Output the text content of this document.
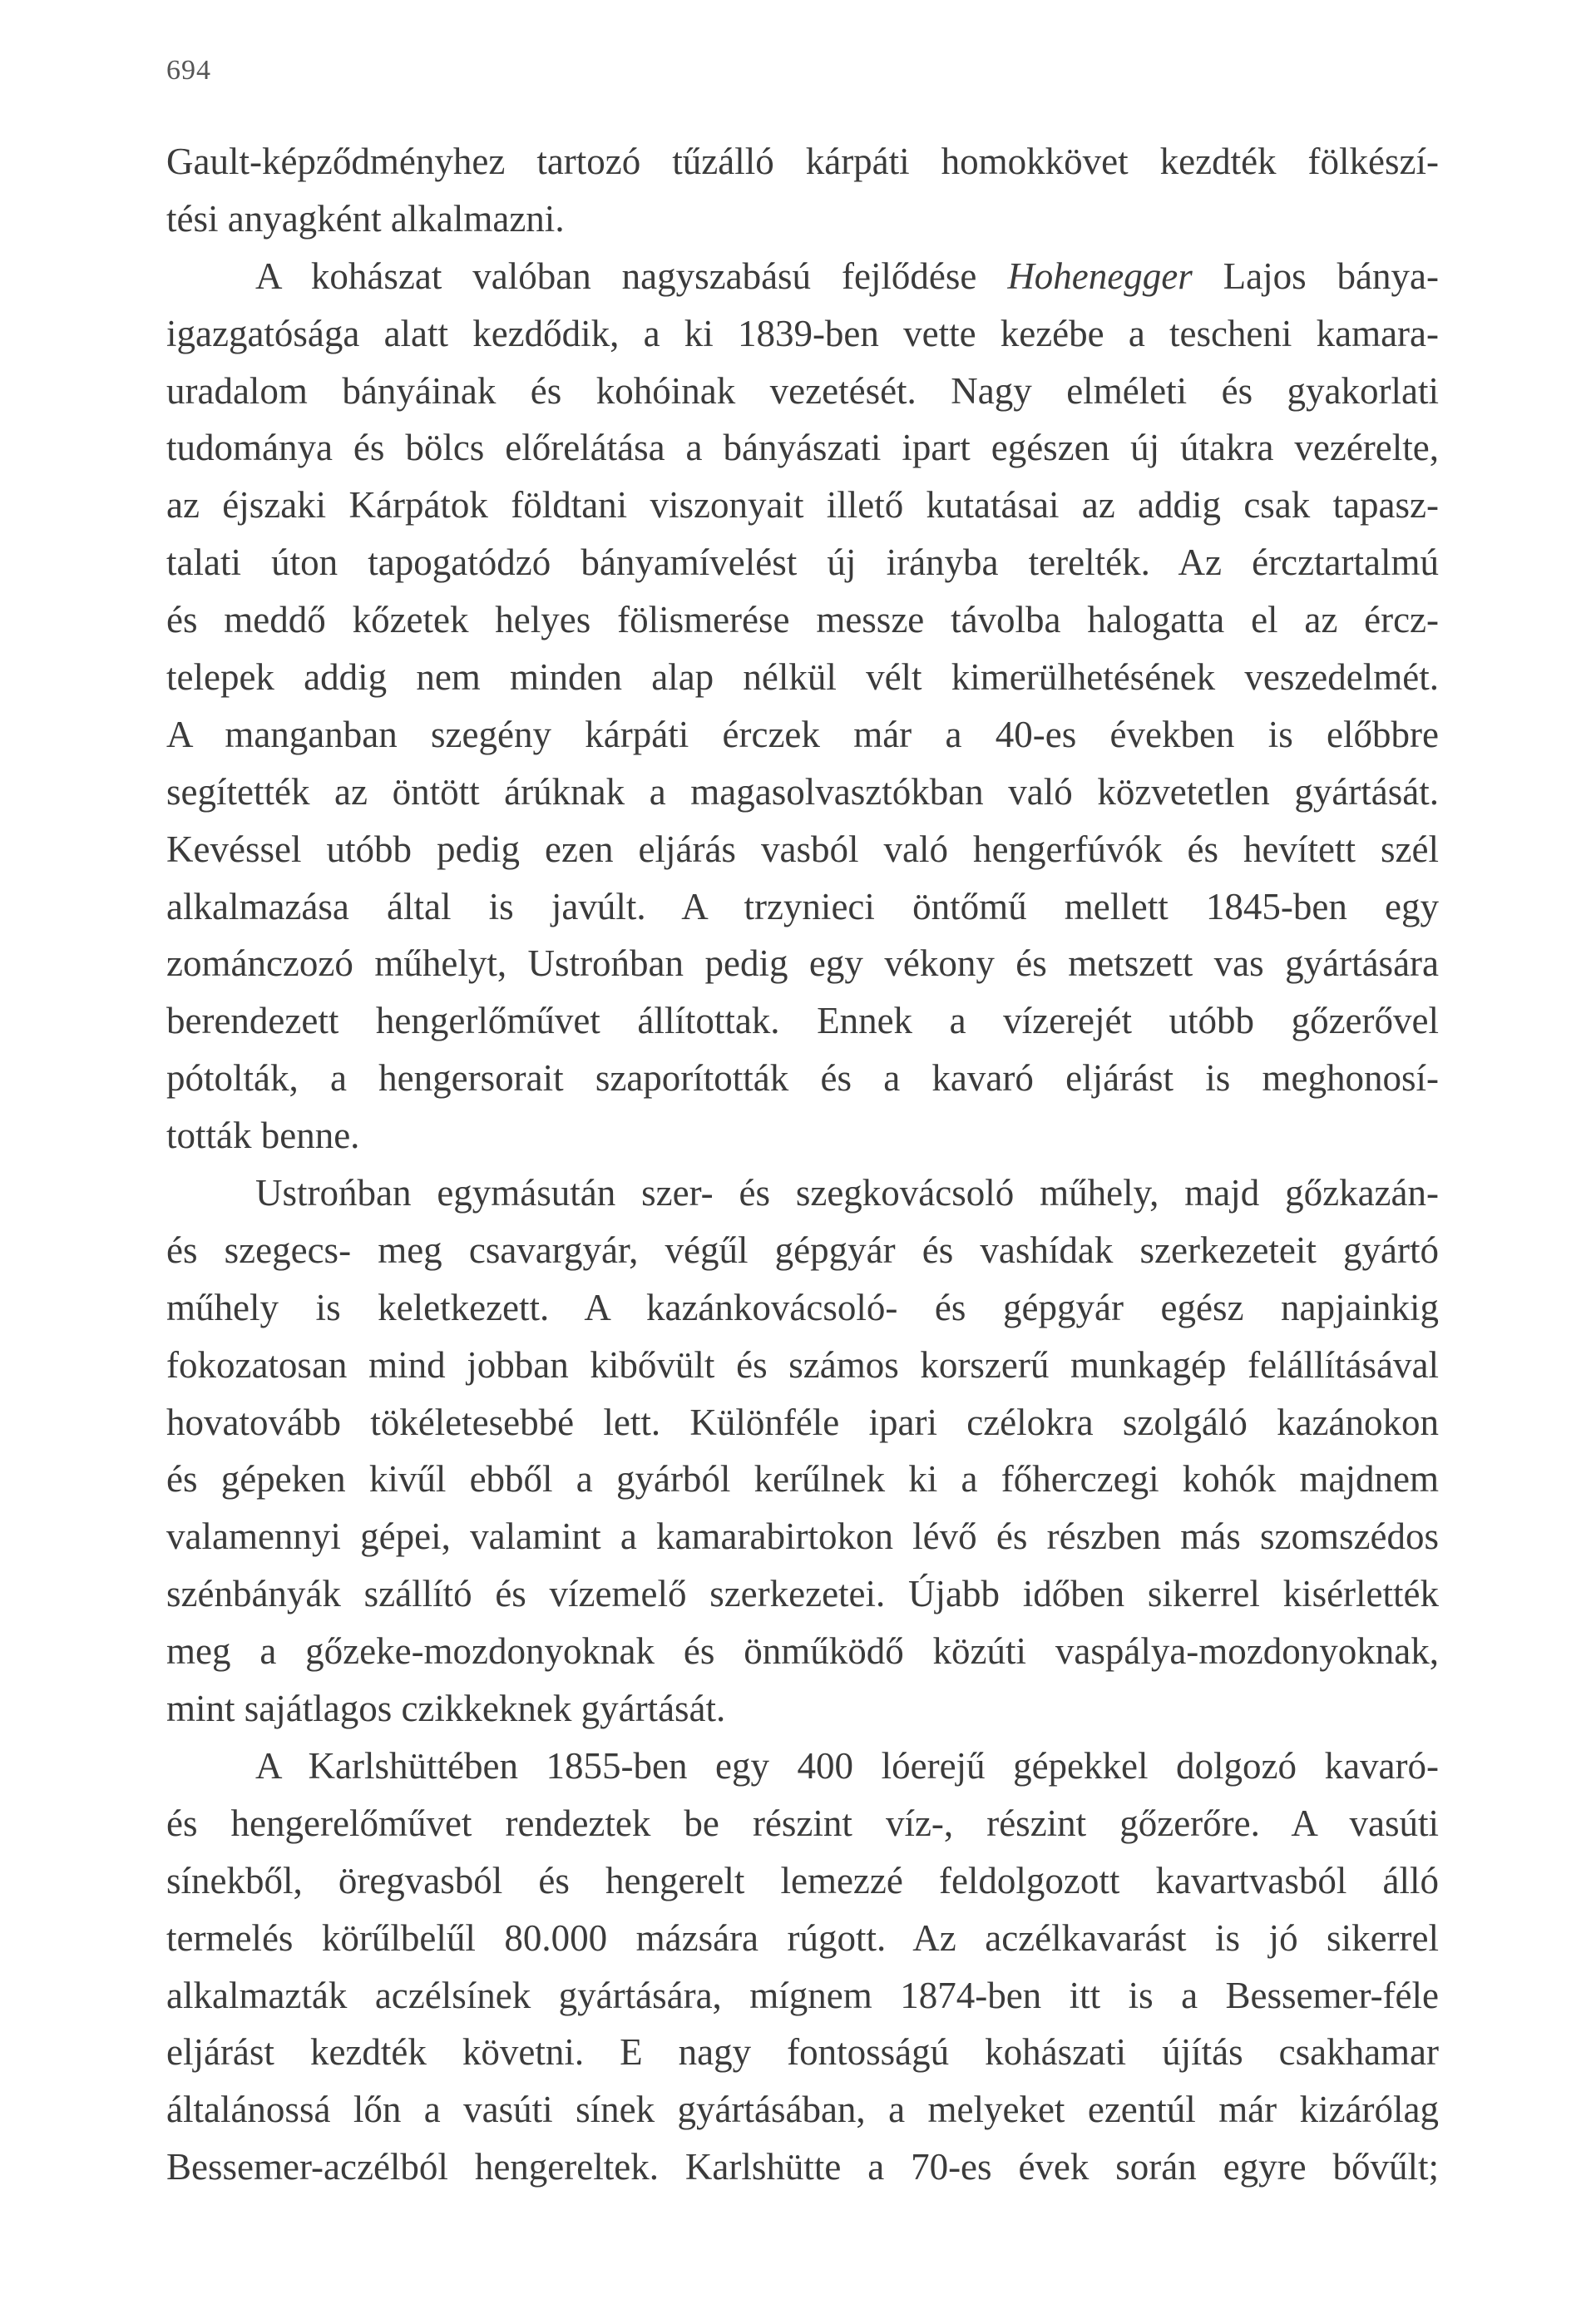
694
Gault-képződményhez tartozó tűzálló kárpáti homokkövet kezdték fölkészí-
tési anyagként alkalmazni.
A kohászat valóban nagyszabású fejlődése Hohenegger Lajos bánya-
igazgatósága alatt kezdődik, a ki 1839-ben vette kezébe a tescheni kamara-
uradalom bányáinak és kohóinak vezetését. Nagy elméleti és gyakorlati
tudománya és bölcs előrelátása a bányászati ipart egészen új útakra vezérelte,
az éjszaki Kárpátok földtani viszonyait illető kutatásai az addig csak tapasz-
talati úton tapogatódzó bányamívelést új irányba terelték. Az ércztartalmú
és meddő kőzetek helyes fölismerése messze távolba halogatta el az ércz-
telepek addig nem minden alap nélkül vélt kimerülhetésének veszedelmét.
A manganban szegény kárpáti érczek már a 40-es években is előbbre
segítették az öntött árúknak a magasolvasztókban való közvetetlen gyártását.
Kevéssel utóbb pedig ezen eljárás vasból való hengerfúvók és hevített szél
alkalmazása által is javúlt. A trzynieci öntőmű mellett 1845-ben egy
zománczozó műhelyt, Ustrońban pedig egy vékony és metszett vas gyártására
berendezett hengerlőművet állítottak. Ennek a vízerejét utóbb gőzerővel
pótolták, a hengersorait szaporították és a kavaró eljárást is meghonosí-
tották benne.
Ustrońban egymásután szer- és szegkovácsoló műhely, majd gőzkazán-
és szegecs- meg csavargyár, végűl gépgyár és vashídak szerkezeteit gyártó
műhely is keletkezett. A kazánkovácsoló- és gépgyár egész napjainkig
fokozatosan mind jobban kibővült és számos korszerű munkagép felállításával
hovatovább tökéletesebbé lett. Különféle ipari czélokra szolgáló kazánokon
és gépeken kivűl ebből a gyárból kerűlnek ki a főherczegi kohók majdnem
valamennyi gépei, valamint a kamarabirtokon lévő és részben más szomszédos
szénbányák szállító és vízemelő szerkezetei. Újabb időben sikerrel kisérlették
meg a gőzeke-mozdonyoknak és önműködő közúti vaspálya-mozdonyoknak,
mint sajátlagos czikkeknek gyártását.
A Karlshüttében 1855-ben egy 400 lóerejű gépekkel dolgozó kavaró-
és hengerelőművet rendeztek be részint víz-, részint gőzerőre. A vasúti
sínekből, öregvasból és hengerelt lemezzé feldolgozott kavartvasból álló
termelés körűlbelűl 80.000 mázsára rúgott. Az aczélkavarást is jó sikerrel
alkalmazták aczélsínek gyártására, mígnem 1874-ben itt is a Bessemer-féle
eljárást kezdték követni. E nagy fontosságú kohászati újítás csakhamar
általánossá lőn a vasúti sínek gyártásában, a melyeket ezentúl már kizárólag
Bessemer-aczélból hengereltek. Karlshütte a 70-es évek során egyre bővűlt;
